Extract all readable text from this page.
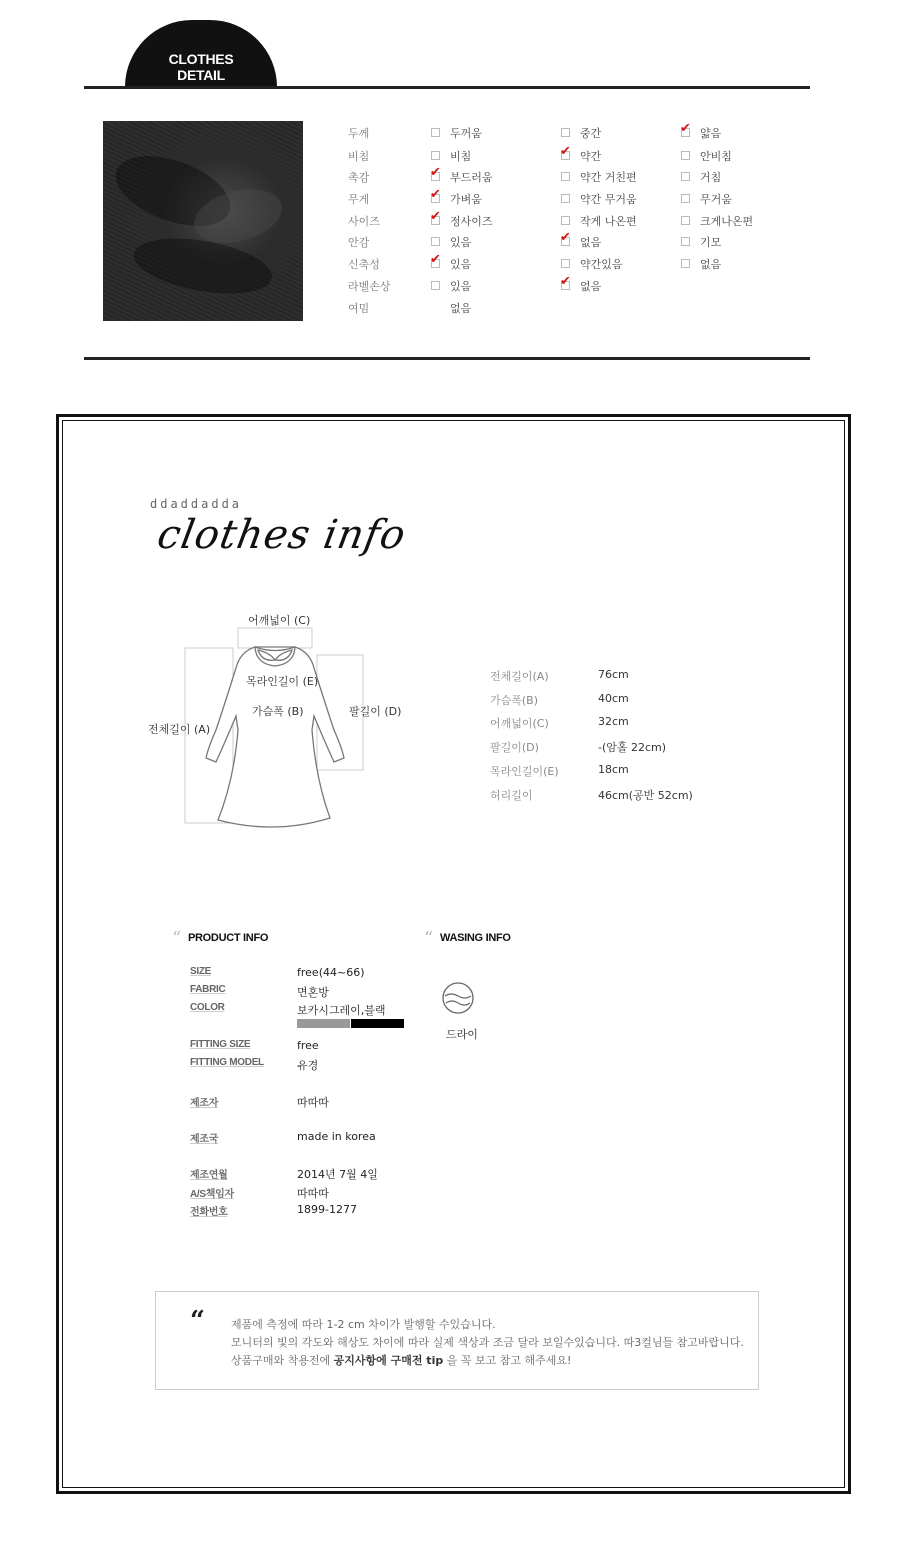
CLOTHES
DETAIL
두께	두꺼움	중간	✔ 얇음
비침	비침	✔ 약간	안비침
촉감	✔ 부드러움	약간 거친편	거침
무게	✔ 가벼움	약간 무거움	무거움
사이즈	✔ 정사이즈	작게 나온편	크게나온편
안감	있음	✔ 없음	기모
신축성	✔ 있음	약간있음	없음
라벨손상	있음	✔ 없음
여밈	없음
ddaddadda
clothes info
어깨넓이 (C)
목라인길이 (E)
가슴폭 (B)	팔길이 (D)
전체길이 (A)
전체길이(A)	76cm
가슴폭(B)	40cm
어깨넓이(C)	32cm
팔길이(D)	-(암홀 22cm)
목라인길이(E)	18cm
허리길이	46cm(공반 52cm)
“ PRODUCT INFO	“ WASING INFO
SIZE	free(44~66)
FABRIC	면혼방
COLOR	보카시그레이,블랙
FITTING SIZE	free
FITTING MODEL	유경
제조자	따따따
제조국	made in korea
제조연월	2014년 7월 4일
A/S책임자	따따따
전화번호	1899-1277
드라이
“ 제품에 측정에 따라 1-2 cm 차이가 발행할 수있습니다.
모니터의 빛의 각도와 해상도 차이에 따라 실제 색상과 조금 달라 보일수있습니다. 따3컬님들 참고바랍니다.
상품구매와 착용전에 공지사항에 구매전 tip 을 꼭 보고 참고 해주세요!
